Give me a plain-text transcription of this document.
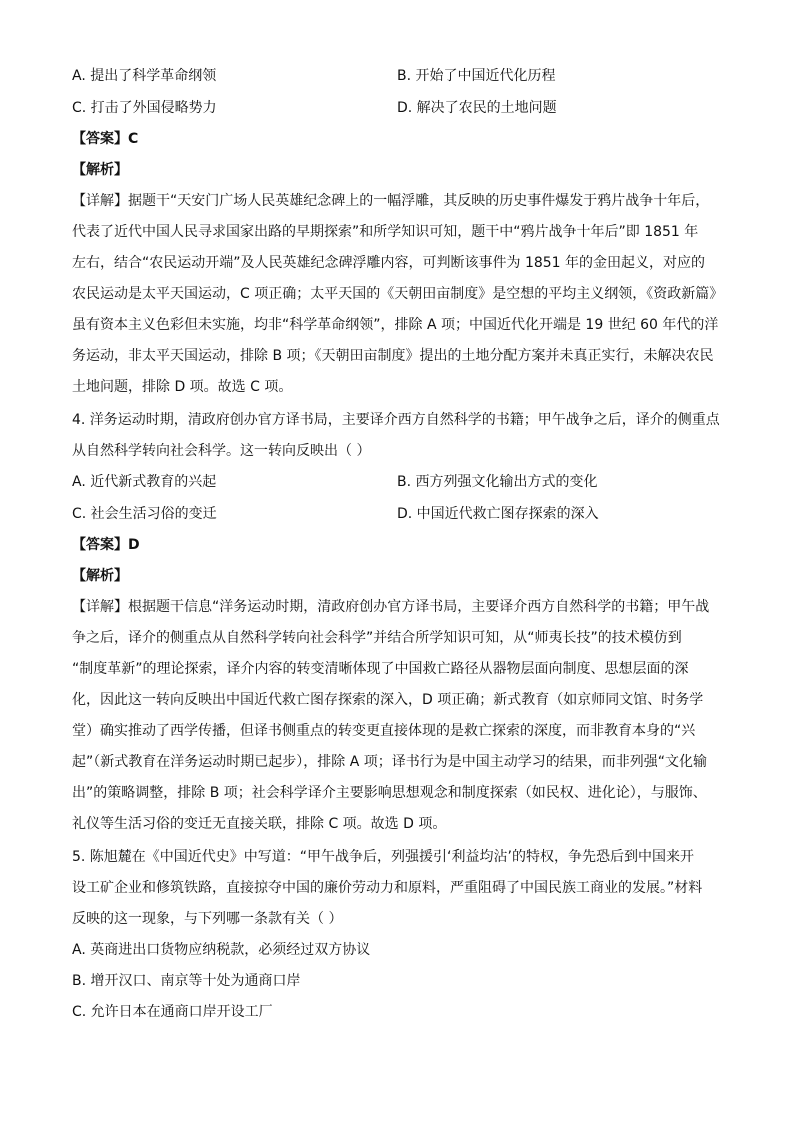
A. 提出了科学革命纲领	B. 开始了中国近代化历程
C. 打击了外国侵略势力	D. 解决了农民的土地问题
【答案】C
【解析】
【详解】据题干“天安门广场人民英雄纪念碑上的一幅浮雕，其反映的历史事件爆发于鸦片战争十年后，
代表了近代中国人民寻求国家出路的早期探索”和所学知识可知，题干中“鸦片战争十年后”即 1851 年
左右，结合“农民运动开端”及人民英雄纪念碑浮雕内容，可判断该事件为 1851 年的金田起义，对应的
农民运动是太平天国运动，C 项正确；太平天国的《天朝田亩制度》是空想的平均主义纲领，《资政新篇》
虽有资本主义色彩但未实施，均非“科学革命纲领”，排除 A 项；中国近代化开端是 19 世纪 60 年代的洋
务运动，非太平天国运动，排除 B 项；《天朝田亩制度》提出的土地分配方案并未真正实行，未解决农民
土地问题，排除 D 项。故选 C 项。
4. 洋务运动时期，清政府创办官方译书局，主要译介西方自然科学的书籍；甲午战争之后，译介的侧重点
从自然科学转向社会科学。这一转向反映出（ ）
A. 近代新式教育的兴起	B. 西方列强文化输出方式的变化
C. 社会生活习俗的变迁	D. 中国近代救亡图存探索的深入
【答案】D
【解析】
【详解】根据题干信息“洋务运动时期，清政府创办官方译书局，主要译介西方自然科学的书籍；甲午战
争之后，译介的侧重点从自然科学转向社会科学”并结合所学知识可知，从“师夷长技”的技术模仿到
“制度革新”的理论探索，译介内容的转变清晰体现了中国救亡路径从器物层面向制度、思想层面的深
化，因此这一转向反映出中国近代救亡图存探索的深入，D 项正确；新式教育（如京师同文馆、时务学
堂）确实推动了西学传播，但译书侧重点的转变更直接体现的是救亡探索的深度，而非教育本身的“兴
起”（新式教育在洋务运动时期已起步），排除 A 项；译书行为是中国主动学习的结果，而非列强“文化输
出”的策略调整，排除 B 项；社会科学译介主要影响思想观念和制度探索（如民权、进化论），与服饰、
礼仪等生活习俗的变迁无直接关联，排除 C 项。故选 D 项。
5. 陈旭麓在《中国近代史》中写道：“甲午战争后，列强援引‘利益均沾’的特权，争先恐后到中国来开
设工矿企业和修筑铁路，直接掠夺中国的廉价劳动力和原料，严重阻碍了中国民族工商业的发展。”材料
反映的这一现象，与下列哪一条款有关（ ）
A. 英商进出口货物应纳税款，必须经过双方协议
B. 增开汉口、南京等十处为通商口岸
C. 允许日本在通商口岸开设工厂
